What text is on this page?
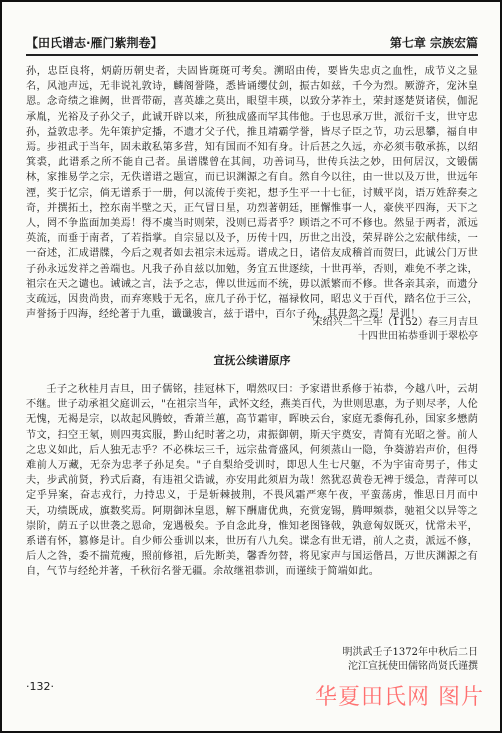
【田氏谱志·雁门紫荆卷】	第七章 宗族宏篇
孙，忠臣良将，炳蔚历朝史者，夫固皆斑斑可考矣。溯昭由传，要皆失忠贞之血性，成节义之显名，风池声远，无非说礼敦诗，麟阁誉隆，悉皆诵缨仗剑，振古如兹，千今为烈。厥游齐，宠沐皇恩。念奇绩之谁阙，世晋带砺，喜英雄之莫出，眼望丰瑛，以致分茅祚土，荣封逐楚贤诸侯，伽泥承胤，光裕及子孙父子，此诚开辟以来，所独成盛而罕其伟他。于也思承万世，派衍千支，世守忠孙，益敦忠孝。先年策护定播，不遗才父子代，推且靖霸学誉，皆尽子臣之节，功云思攀，福自申焉。步祖武于当年，固未敢私第多营，知有国而不知有身。计后甚之久远，亦必须韦敬承拣，以绍箕裘，此谱系之所不能自己者。虽谱牒曾在其间，功善词马，世传兵法之妙，田何居汉，文锻儒林，家推易学之宗，无佚谱谱之题宣，而已识渊源之有自。然自今以往，由一世以及万世，世远年湮，奖于忆宗，倘无谱系于一册，何以流传于奕祀，想予生平一十七征，讨贼平岗，语万姓辞奏之奇，并撰拓土，控东南半壁之天，正气冒日星，功烈著朝廷，匪懈惟事一人，豪侠平四海，天下之人，罔不争监面加美焉！得不虞当时则荣，没则已焉者乎？顾语之不可不修也。然显于两者，派远英流，而垂于南者，了若指掌。自宗显以及予，历传十四，历世之出没，荣昇辟公之宏献伟续，一一奋述，汇成谱牒，今后之观者如去祖宗未远焉。谱成之日，诸倍友成稽首而贺曰，此诚公门万世子孙永远发祥之善端也。凡我子孙自兹以加勉，务宜五世逐续，十世再举，否则，难免不孝之诛，祖宗在天之谴也。诫诫之言，法予之志，俾以世远而不统，毋以派繁而不修。世各亲其亲，而遗分支疏远，因贵尚贵，而弃寒贱于无名，庶几子孙于忆，福禄攸同，昭忠义于百代，踏名位于三公，声誉扬于四海，经纶著于九重，谶谶骏言，兹于谱中，百尔子孙，其毋忽之焉！是训！
宋绍兴二十三年（1152）春三月吉旦
十四世田祐恭垂训于翠松亭
宣抚公续谱原序
壬子之秋桂月吉旦，田子儒铭，挂冠林下，喟然叹曰：予家谱世系修于祐恭，今越八叶，云胡不继。世子动承祖父庭训云，"在祖宗当年，武怀文经，燕美百代，为世则思惠，为子则尽孝，人伦无愧，无褐是宗，以故起风腾蛟，香萧兰蕙，高节霜审，晖映云台，家庭无黍侮孔孙，国家多懋荫节文，扫空王氡，则四夷宾服，黔山纪时著之功，肃振御朝，斯天宇奠安，青简有光昭之誉。前人之忠义如此，后人独无志乎？不必株坛三千，远宗盐膏盛风，何须蒸山一隐，争葵游岩声价，但得难前人万藏，无奈为忠孝子孙足矣。"子自梨给受训时，即思人生七尺躯，不为宇宙奇男子，伟丈夫，步武前贤，矜式后裔，有违祖父诰诚，亦安用此须眉为哉！然犹忍黄卷无裨于缓急，青萍可以定乎异案，奋志戎行，力持忠义，于是斩棘披荆，不畏风霜严寒午夜，平蛮荡虏，惟思日月而中天，功绩既成，旗数奖焉。阿期御沐皇恩，解下酬庸优典，充赏宠锡，腾呷频恭，驰祖父以异等之崇阶，荫五子以世袭之恩命，宠遇极矣。予自念此身，惟知老图锋戟，孰意匈奴既灭，忧常未平，系谱有怀，篡修是计。自少师公垂训以来，世历有八九矣。谍念有世无谱，前人之责，派远不修，后人之咎，委不揣荒瘦，照前修祖，后先断美，馨香勿替，将见家声与国运偕昌，万世庆渊源之有自，气节与经纶并著，千秋衍名誉无疆。余故继祖恭训，而谨续于简端如此。
明洪武壬子1372年中秋后二日
沱江宣抚使田儒铭尚贤氏谨撰
·132·	华夏田氏网 图片
